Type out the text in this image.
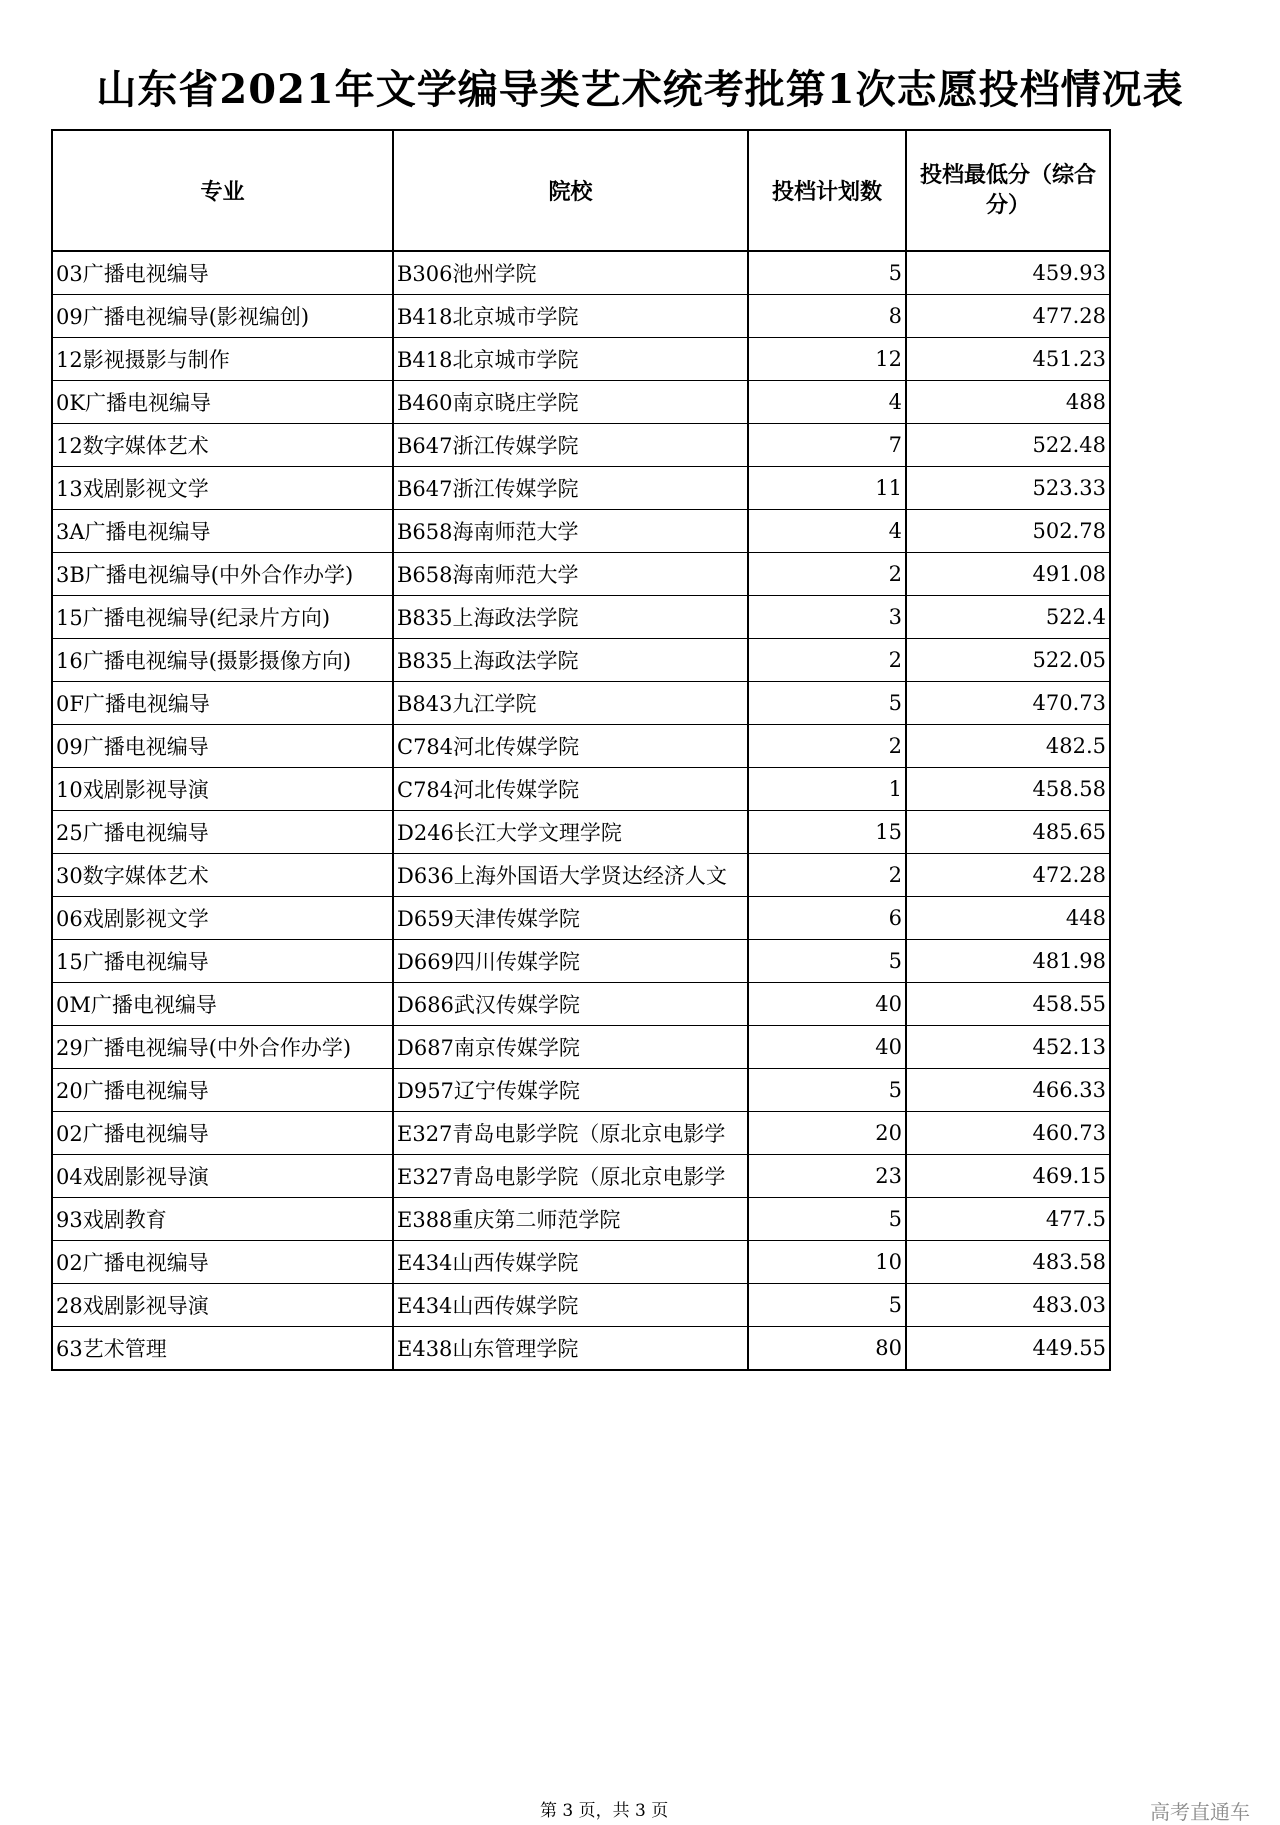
山东省2021年文学编导类艺术统考批第1次志愿投档情况表
专业	院校	投档计划数	投档最低分（综合分）
03广播电视编导	B306池州学院	5	459.93
09广播电视编导(影视编创)	B418北京城市学院	8	477.28
12影视摄影与制作	B418北京城市学院	12	451.23
0K广播电视编导	B460南京晓庄学院	4	488
12数字媒体艺术	B647浙江传媒学院	7	522.48
13戏剧影视文学	B647浙江传媒学院	11	523.33
3A广播电视编导	B658海南师范大学	4	502.78
3B广播电视编导(中外合作办学)	B658海南师范大学	2	491.08
15广播电视编导(纪录片方向)	B835上海政法学院	3	522.4
16广播电视编导(摄影摄像方向)	B835上海政法学院	2	522.05
0F广播电视编导	B843九江学院	5	470.73
09广播电视编导	C784河北传媒学院	2	482.5
10戏剧影视导演	C784河北传媒学院	1	458.58
25广播电视编导	D246长江大学文理学院	15	485.65
30数字媒体艺术	D636上海外国语大学贤达经济人文	2	472.28
06戏剧影视文学	D659天津传媒学院	6	448
15广播电视编导	D669四川传媒学院	5	481.98
0M广播电视编导	D686武汉传媒学院	40	458.55
29广播电视编导(中外合作办学)	D687南京传媒学院	40	452.13
20广播电视编导	D957辽宁传媒学院	5	466.33
02广播电视编导	E327青岛电影学院（原北京电影学	20	460.73
04戏剧影视导演	E327青岛电影学院（原北京电影学	23	469.15
93戏剧教育	E388重庆第二师范学院	5	477.5
02广播电视编导	E434山西传媒学院	10	483.58
28戏剧影视导演	E434山西传媒学院	5	483.03
63艺术管理	E438山东管理学院	80	449.55
第 3 页，共 3 页	高考直通车
